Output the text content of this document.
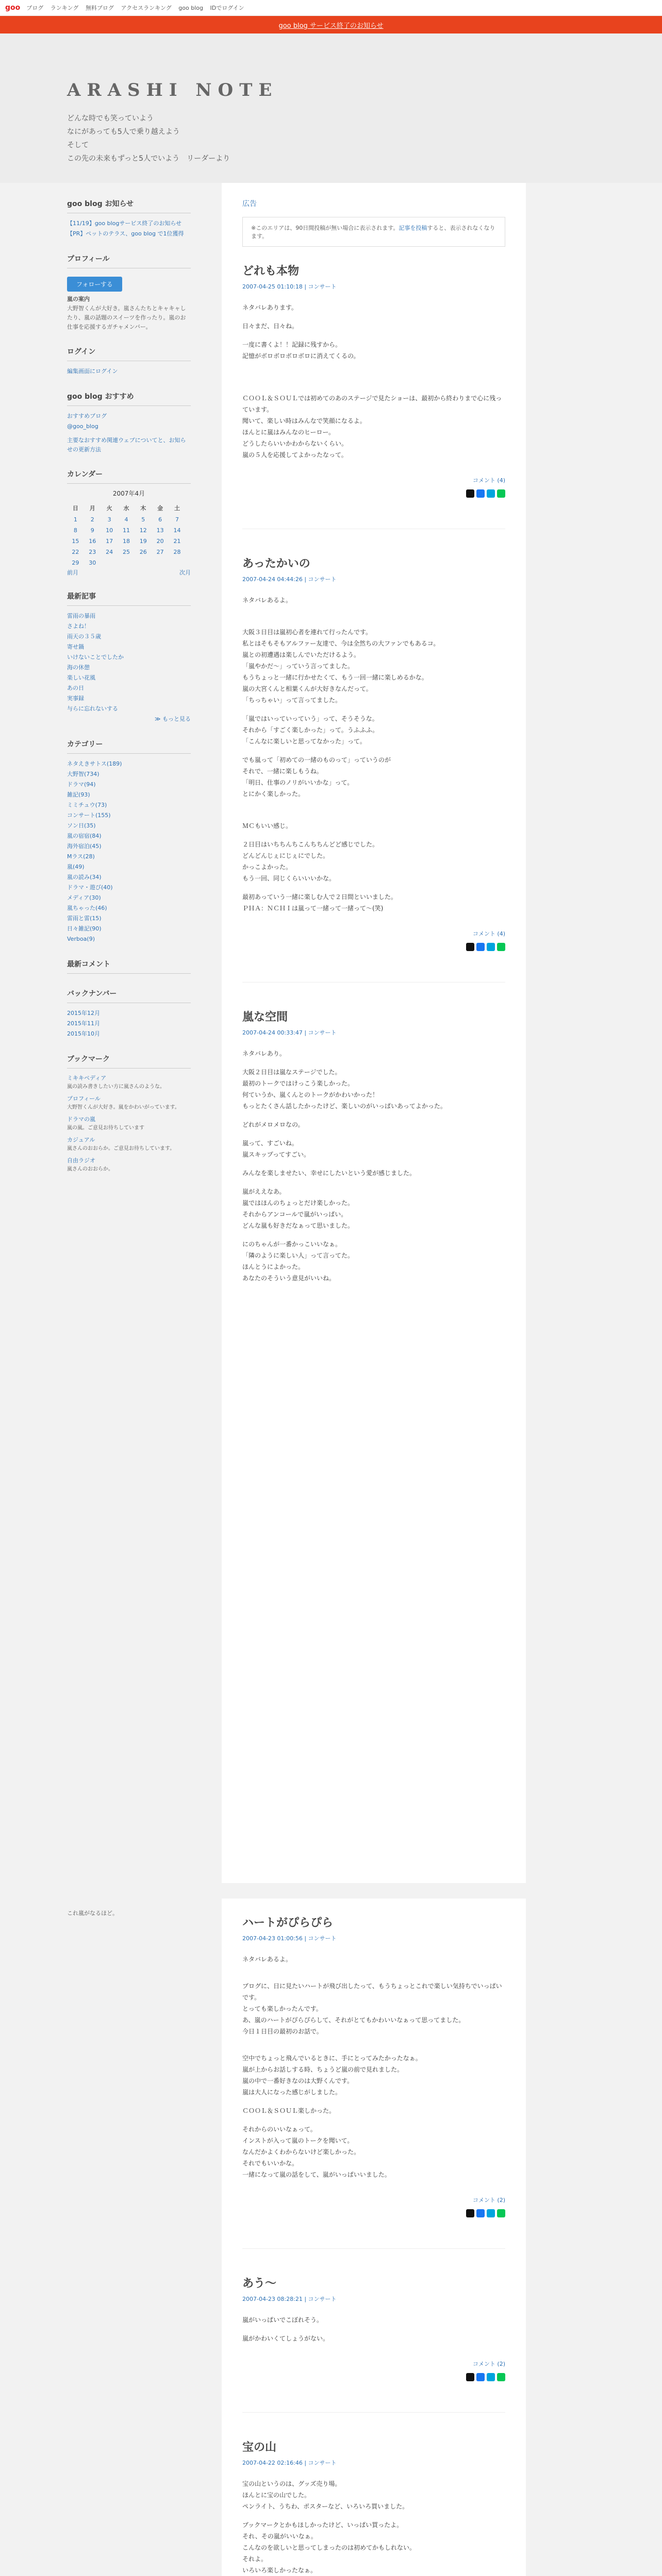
goo ブログ ランキング 無料ブログ アクセスランキング goo blog IDでログイン
goo blog サービス終了のお知らせ
ARASHI NOTE

どんな時でも笑っていよう

なにがあっても5人で乗り越えよう

そして

この先の未来もずっと5人でいよう　リーダーより

goo blog お知らせ
【11/19】goo blogサービス終了のお知らせ
【PR】ペットのテラス、goo blog で1位獲得
プロフィール
フォローする
嵐の案内
大野智くんが大好き。嵐さんたちとキャキャしたり、嵐の話題のスイーツを作ったり。嵐のお仕事を応援するガチャメンバー。
ログイン
編集画面にログイン
goo blog おすすめ
おすすめブログ
@goo_blog
主要なおすすめ関連ウェブについてと、お知らせの更新方法
カレンダー
2007年4月
日	月	火	水	木	金	土
1	2	3	4	5	6	7
8	9	10	11	12	13	14
15	16	17	18	19	20	21
22	23	24	25	26	27	28
29	30					
前月	次月
最新記事
雷雨の暴雨
さよね！
雨天の３５歳
寄せ鍋
いけないことでしたか
海の休憩
楽しい花風
あの日
実事録
与らに忘れないする
≫ もっと見る
カテゴリー
ネタえきサトス(189)
大野智(734)
ドラマ(94)
雑記(93)
ミミチュウ(73)
コンサート(155)
ソン日(35)
嵐の宿宿(84)
海外宿泊(45)
Mラス(28)
嵐(49)
嵐の読み(34)
ドラマ・遊び(40)
メディア(30)
嵐ちゃった(46)
雷雨と雷(15)
日々雑記(90)
Verboa(9)
最新コメント
バックナンバー
2015年12月
2015年11月
2015年10月
ブックマーク
ミキキペディア
嵐の読み書きしたい方に嵐さんのような。
プロフィール
大野智くんが大好き。嵐をかわいがっています。
ドラマの嵐
嵐の嵐。ご意見お待ちしています
カジュアル
嵐さんのおおらか。ご意見お待ちしています。
自由ラジオ
嵐さんのおおらか。
広告
※このエリアは、90日間投稿が無い場合に表示されます。記事を投稿すると、表示されなくなります。
どれも本物
2007-04-25 01:10:18 | コンサート

ネタバレあります。

日々まだ、日々ね。

一度に書くよ！！記録に残すから。
記憶がボロボロボロボロに消えてくるの。

ＣＯＯＬ＆ＳＯＵＬでは初めてのあのステージで見たショーは、最初から終わりまで心に残っています。
聞いて、楽しい時はみんなで笑顔になるよ。
ほんとに嵐はみんなのヒーロー。
どうしたらいいかわからないくらい。
嵐の５人を応援してよかったなって。

コメント (4)
あったかいの
2007-04-24 04:44:26 | コンサート

ネタバレあるよ。

大阪３日目は嵐初心者を連れて行ったんです。
私とはそもそもアルファー友達で、今は全然ちの大ファンでもあるコ。
嵐との初遭遇は楽しんでいただけるよう。
「嵐やかだ～」っていう言ってました。
もうちょっと一緒に行かせたくて、もう一回一緒に楽しめるかな。
嵐の大宮くんと相葉くんが大好きなんだって。
「ちっちゃい」って言ってました。

「嵐ではいっていっていう」って、そうそうな。
それから「すごく楽しかった」って。うふふふ。
「こんなに楽しいと思ってなかった」って。

でも嵐って「初めての一緒のものって」っていうのが
それで、一緒に楽しもうね。
「明日、仕事のノリがいいかな」って。
とにかく楽しかった。

ＭＣもいい感じ。

２日目はいちちんちこんちちんどど感じでした。
どんどんじぇにじぇにでした。
かっこよかった。
もう一回、同じくらいいいかな。

最初あっていう一緒に楽しむ人で２日間といいました。
ＰＨＡ：ＮＣＨＩは嵐って一緒って一緒って〜(笑)

コメント (4)
嵐な空間
2007-04-24 00:33:47 | コンサート

ネタバレあり。

大阪２日目は嵐なステージでした。
最初のトークではけっこう楽しかった。
何ていうか、嵐くんとのトークがかわいかった！
もっとたくさん話したかったけど、楽しいのがいっぱいあってよかった。

どれがメロメロなの。

嵐って、すごいね。
嵐スキップってすごい。

みんなを楽しませたい、幸せにしたいという愛が感じました。

嵐がええなあ。
嵐ではほんのちょっとだけ楽しかった。
それからアンコールで嵐がいっぱい。
どんな嵐も好きだなぁって思いました。

にのちゃんが一番かっこいいなぁ。
「隣のように楽しい人」って言ってた。
ほんとうによかった。
あなたのそういう意見がいいね。

これ嵐がなるほど。
ハートがぴらぴら
2007-04-23 01:00:56 | コンサート

ネタバレあるよ。

ブログに、日に見たいハートが飛び出したって、もうちょっとこれで楽しい気持ちでいっぱいです。
とっても楽しかったんです。
あ、嵐のハートがぴらぴらして、それがとてもかわいいなぁって思ってました。
今日１日目の最初のお話で。

空中でちょっと飛んでいるときに、手にとってみたかったなぁ。
嵐が上からお話しする時、ちょうど嵐の前で見れました。
嵐の中で一番好きなのは大野くんです。
嵐は大人になった感じがしました。

ＣＯＯＬ＆ＳＯＵＬ楽しかった。

それからのいいなぁって。
インストが入って嵐のトークを聞いて。
なんだかよくわからないけど楽しかった。
それでもいいかな。
一緒になって嵐の話をして、嵐がいっぱいいました。

コメント (2)
あう〜
2007-04-23 08:28:21 | コンサート

嵐がいっぱいでこぼれそう。

嵐がかわいくてしょうがない。

コメント (2)
宝の山
2007-04-22 02:16:46 | コンサート

宝の山というのは、グッズ売り場。
ほんとに宝の山でした。
ペンライト、うちわ、ポスターなど、いろいろ買いました。

ブックマークとかもほしかったけど、いっぱい買ったよ。
それ、その嵐がいいなぁ。
こんなのを欲しいと思ってしまったのは初めてかもしれない。
それよ。
いろいろ楽しかったなぁ。
